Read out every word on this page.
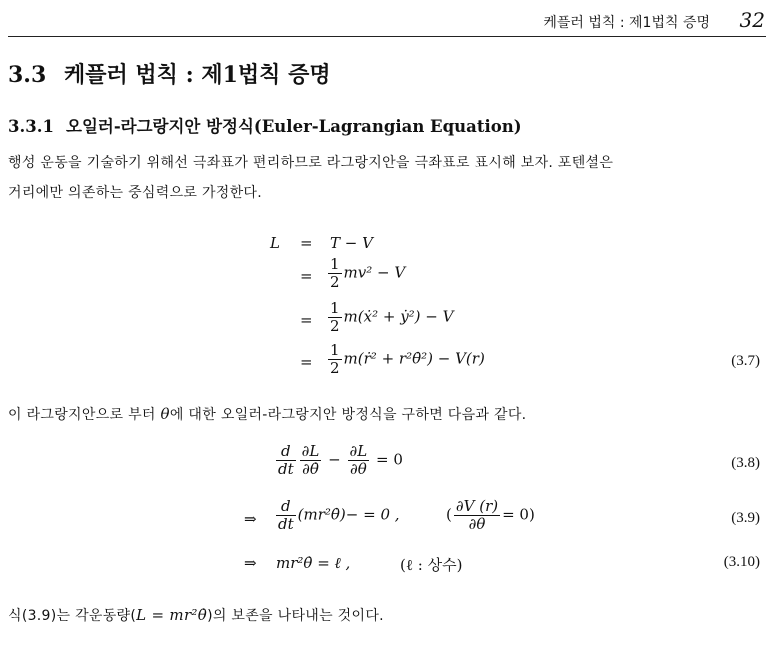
케플러 법칙 : 제1법칙 증명 32
3.3 케플러 법칙 : 제1법칙 증명
3.3.1 오일러-라그랑지안 방정식(Euler-Lagrangian Equation)
행성 운동을 기술하기 위해선 극좌표가 편리하므로 라그랑지안을 극좌표로 표시해 보자. 포텐셜은
거리에만 의존하는 중심력으로 가정한다.
L = T − V
= $\frac{1}{2} mv^2 - V$
= $\frac{1}{2}$ m(ẋ² + ẏ²) − V
= $\frac{1}{2}$ m(ṙ² + r²θ̇²) − V(r)	(3.7)
이 라그랑지안으로 부터 θ에 대한 오일러-라그랑지안 방정식을 구하면 다음과 같다.
$\frac{d}{dt} \frac{\partial L}{\partial\thetȧ} - \frac{\partial L}{\partial\theta} = 0$	(3.8)
⇒ $\frac{d}{dt}$ (mr²θ̇)− = 0 ,	( $\frac{\partial V (r)}{\partial\theta} = 0$)	(3.9)
⇒ mr²θ̇ = ℓ ,	(ℓ : 상수)	(3.10)
식(3.9)는 각운동량(L = mr²θ̇)의 보존을 나타내는 것이다.
